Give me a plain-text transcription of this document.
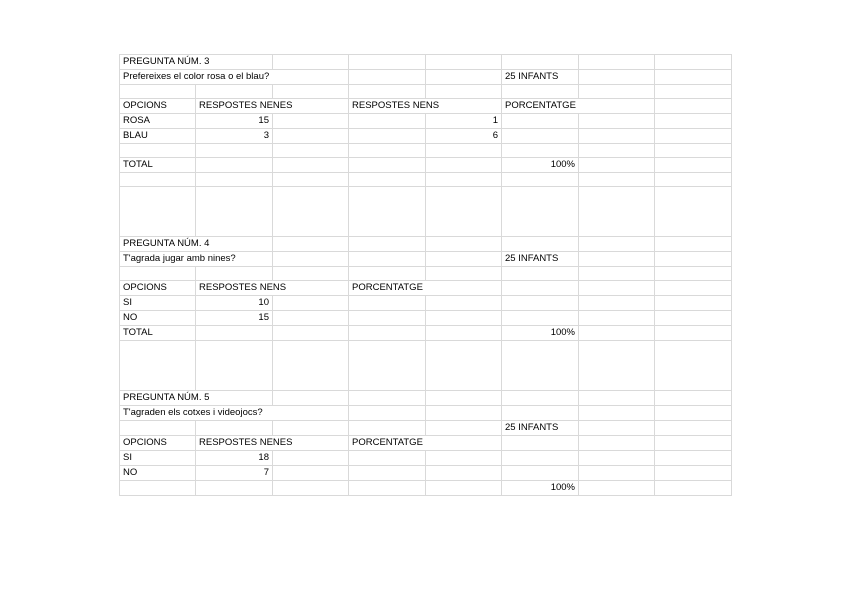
PREGUNTA NÚM. 3							
Prefereixes el color rosa o el blau?					25 INFANTS		

OPCIONS	RESPOSTES NENES		RESPOSTES NENS		PORCENTATGE		
ROSA	15			1			
BLAU	3			6			

TOTAL					100%		

PREGUNTA NÚM. 4							
T'agrada jugar amb nines?					25 INFANTS		

OPCIONS	RESPOSTES NENS		PORCENTATGE				
SI	10						
NO	15						
TOTAL					100%		

PREGUNTA NÚM. 5							
T'agraden els cotxes i videojocs?							
					25 INFANTS		
OPCIONS	RESPOSTES NENES		PORCENTATGE				
SI	18						
NO	7						
					100%		
